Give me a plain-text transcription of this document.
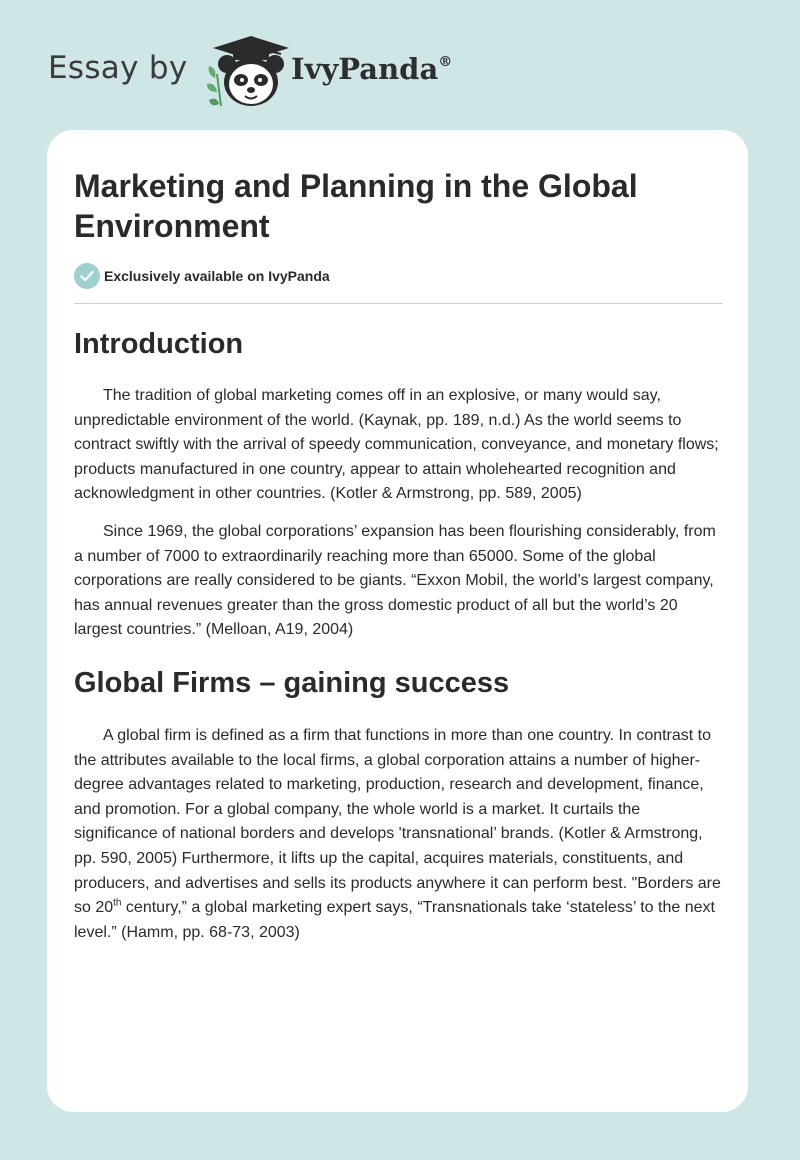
Essay by	IvyPanda®
Marketing and Planning in the Global Environment
Exclusively available on IvyPanda
Introduction

The tradition of global marketing comes off in an explosive, or many would say, unpredictable environment of the world. (Kaynak, pp. 189, n.d.) As the world seems to contract swiftly with the arrival of speedy communication, conveyance, and monetary flows; products manufactured in one country, appear to attain wholehearted recognition and acknowledgment in other countries. (Kotler & Armstrong, pp. 589, 2005)

Since 1969, the global corporations’ expansion has been flourishing considerably, from a number of 7000 to extraordinarily reaching more than 65000. Some of the global corporations are really considered to be giants. “Exxon Mobil, the world’s largest company, has annual revenues greater than the gross domestic product of all but the world’s 20 largest countries.” (Melloan, A19, 2004)

Global Firms – gaining success

A global firm is defined as a firm that functions in more than one country. In contrast to the attributes available to the local firms, a global corporation attains a number of higher-degree advantages related to marketing, production, research and development, finance, and promotion. For a global company, the whole world is a market. It curtails the significance of national borders and develops 'transnational’ brands. (Kotler & Armstrong, pp. 590, 2005) Furthermore, it lifts up the capital, acquires materials, constituents, and producers, and advertises and sells its products anywhere it can perform best. "Borders are so 20th century,” a global marketing expert says, “Transnationals take ‘stateless’ to the next level.” (Hamm, pp. 68-73, 2003)
